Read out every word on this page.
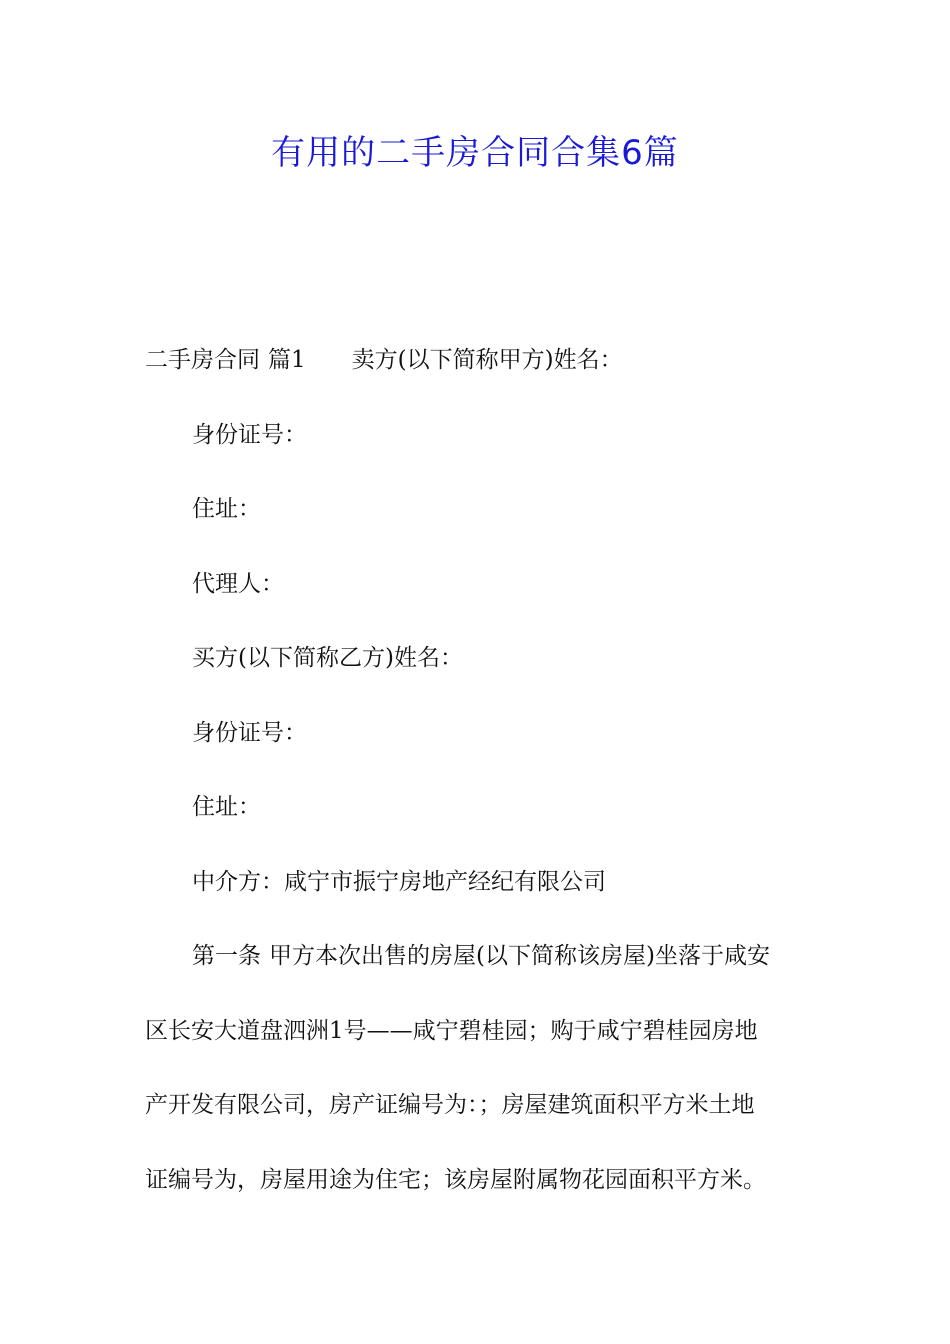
有用的二手房合同合集6篇
二手房合同 篇1 卖方(以下简称甲方)姓名：
身份证号：
住址：
代理人：
买方(以下简称乙方)姓名：
身份证号：
住址：
中介方：咸宁市振宁房地产经纪有限公司
第一条 甲方本次出售的房屋(以下简称该房屋)坐落于咸安
区长安大道盘泗洲1号——咸宁碧桂园；购于咸宁碧桂园房地
产开发有限公司，房产证编号为：；房屋建筑面积平方米土地
证编号为，房屋用途为住宅；该房屋附属物花园面积平方米。
